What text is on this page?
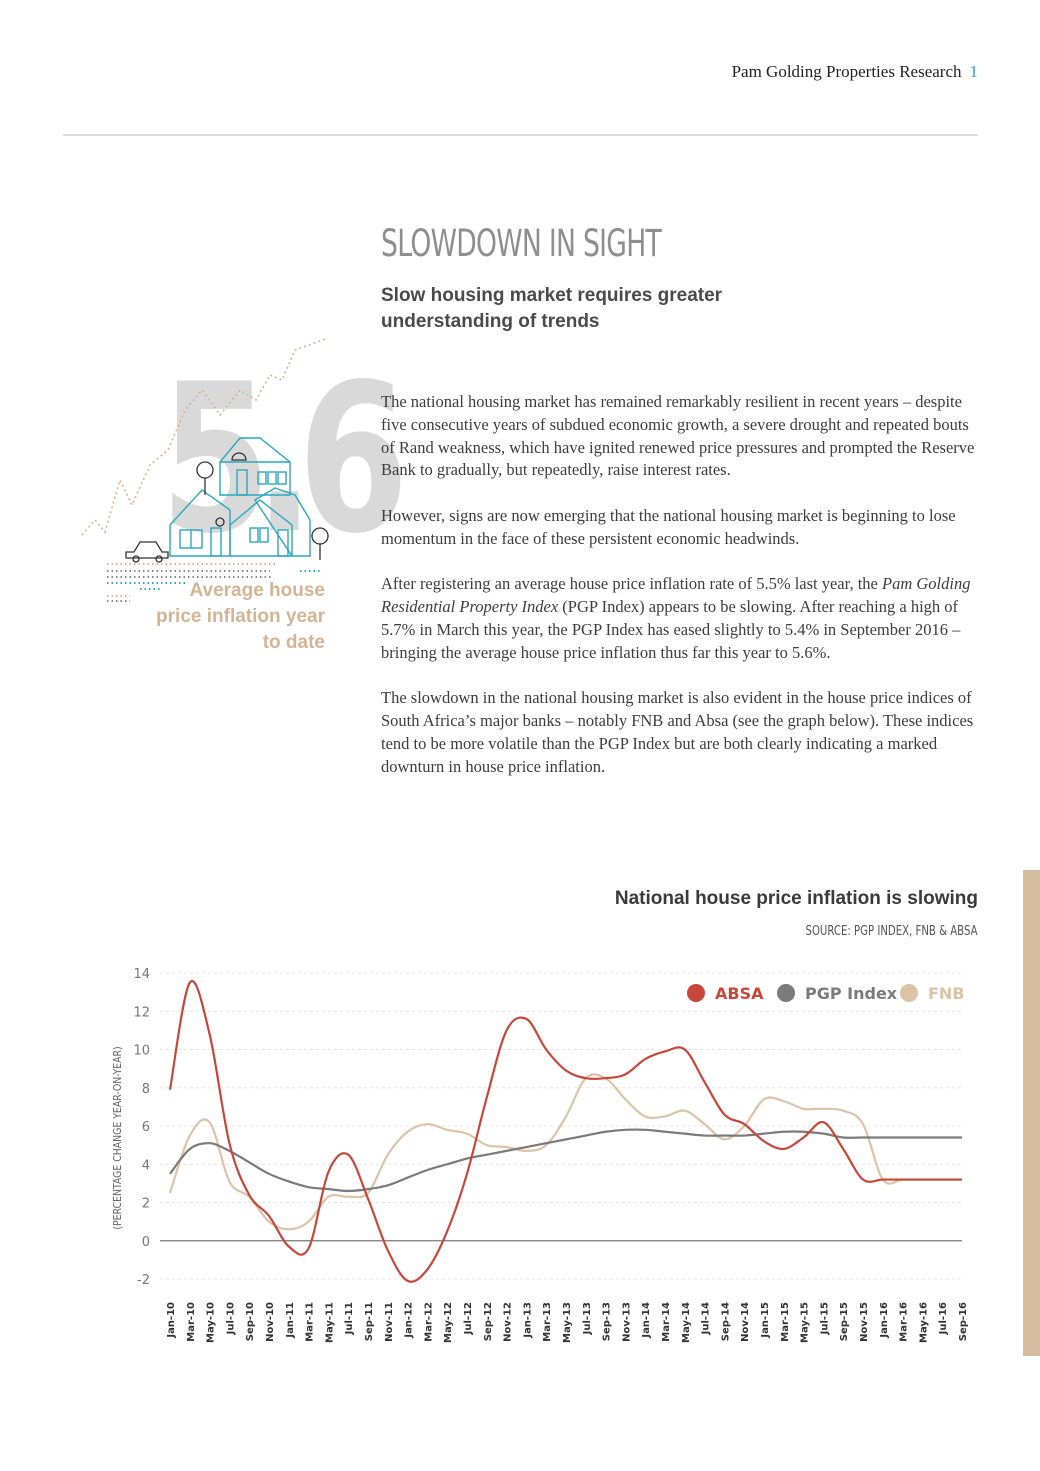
Pam Golding Properties Research 1
SLOWDOWN IN SIGHT
Slow housing market requires greater understanding of trends
5.6
Average house price inflation year to date

The national housing market has remained remarkably resilient in recent years – despite five consecutive years of subdued economic growth, a severe drought and repeated bouts of Rand weakness, which have ignited renewed price pressures and prompted the Reserve Bank to gradually, but repeatedly, raise interest rates.

However, signs are now emerging that the national housing market is beginning to lose momentum in the face of these persistent economic headwinds.

After registering an average house price inflation rate of 5.5% last year, the Pam Golding Residential Property Index (PGP Index) appears to be slowing. After reaching a high of 5.7% in March this year, the PGP Index has eased slightly to 5.4% in September 2016 – bringing the average house price inflation thus far this year to 5.6%.

The slowdown in the national housing market is also evident in the house price indices of South Africa’s major banks – notably FNB and Absa (see the graph below). These indices tend to be more volatile than the PGP Index but are both clearly indicating a marked downturn in house price inflation.

National house price inflation is slowing
SOURCE: PGP INDEX, FNB & ABSA
-2
0
2
4
6
8
10
12
14
Jan-10 Mar-10 May-10 Jul-10 Sep-10 Nov-10 Jan-11 Mar-11 May-11 Jul-11 Sep-11 Nov-11 Jan-12 Mar-12 May-12 Jul-12 Sep-12 Nov-12 Jan-13 Mar-13 May-13 Jul-13 Sep-13 Nov-13 Jan-14 Mar-14 May-14 Jul-14 Sep-14 Nov-14 Jan-15 Mar-15 May-15 Jul-15 Sep-15 Nov-15 Jan-16 Mar-16 May-16 Jul-16 Sep-16
ABSA	PGP Index FNB
(PERCENTAGE CHANGE YEAR-ON-YEAR)
